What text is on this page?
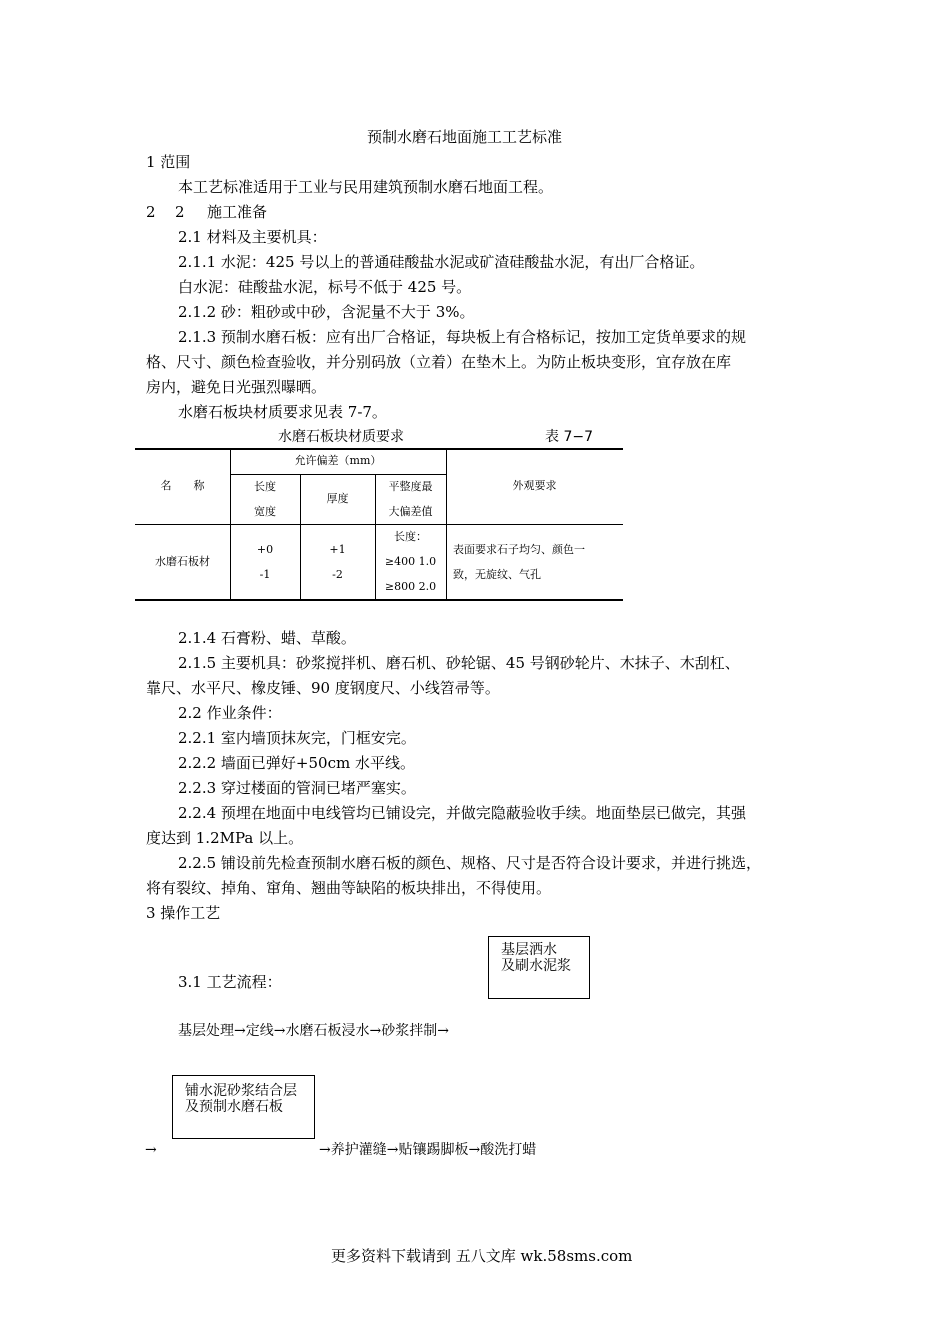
预制水磨石地面施工工艺标准
1 范围
本工艺标准适用于工业与民用建筑预制水磨石地面工程。
2 2 施工准备
2.1 材料及主要机具：
2.1.1 水泥：425 号以上的普通硅酸盐水泥或矿渣硅酸盐水泥，有出厂合格证。
白水泥：硅酸盐水泥，标号不低于 425 号。
2.1.2 砂：粗砂或中砂，含泥量不大于 3%。
2.1.3 预制水磨石板：应有出厂合格证，每块板上有合格标记，按加工定货单要求的规
格、尺寸、颜色检查验收，并分别码放（立着）在垫木上。为防止板块变形，宜存放在库
房内，避免日光强烈曝晒。
水磨石板块材质要求见表 7-7。
水磨石板块材质要求	表 7−7
名　　称
允许偏差（mm）
长度
宽度
厚度
平整度最
大偏差值
外观要求
水磨石板材
+0
-1
+1
-2
长度：
≥400 1.0
≥800 2.0
表面要求石子均匀、颜色一
致，无旋纹、气孔
2.1.4 石膏粉、蜡、草酸。
2.1.5 主要机具：砂浆搅拌机、磨石机、砂轮锯、45 号钢砂轮片、木抹子、木刮杠、
靠尺、水平尺、橡皮锤、90 度钢度尺、小线笤帚等。
2.2 作业条件：
2.2.1 室内墙顶抹灰完，门框安完。
2.2.2 墙面已弹好+50cm 水平线。
2.2.3 穿过楼面的管洞已堵严塞实。
2.2.4 预埋在地面中电线管均已铺设完，并做完隐蔽验收手续。地面垫层已做完，其强
度达到 1.2MPa 以上。
2.2.5 铺设前先检查预制水磨石板的颜色、规格、尺寸是否符合设计要求，并进行挑选，
将有裂纹、掉角、窜角、翘曲等缺陷的板块排出，不得使用。
3 操作工艺
3.1 工艺流程：
基层洒水
及刷水泥浆
基层处理→定线→水磨石板浸水→砂浆拌制→
铺水泥砂浆结合层
及预制水磨石板
→	→养护灌缝→贴镶踢脚板→酸洗打蜡
更多资料下载请到 五八文库 wk.58sms.com
